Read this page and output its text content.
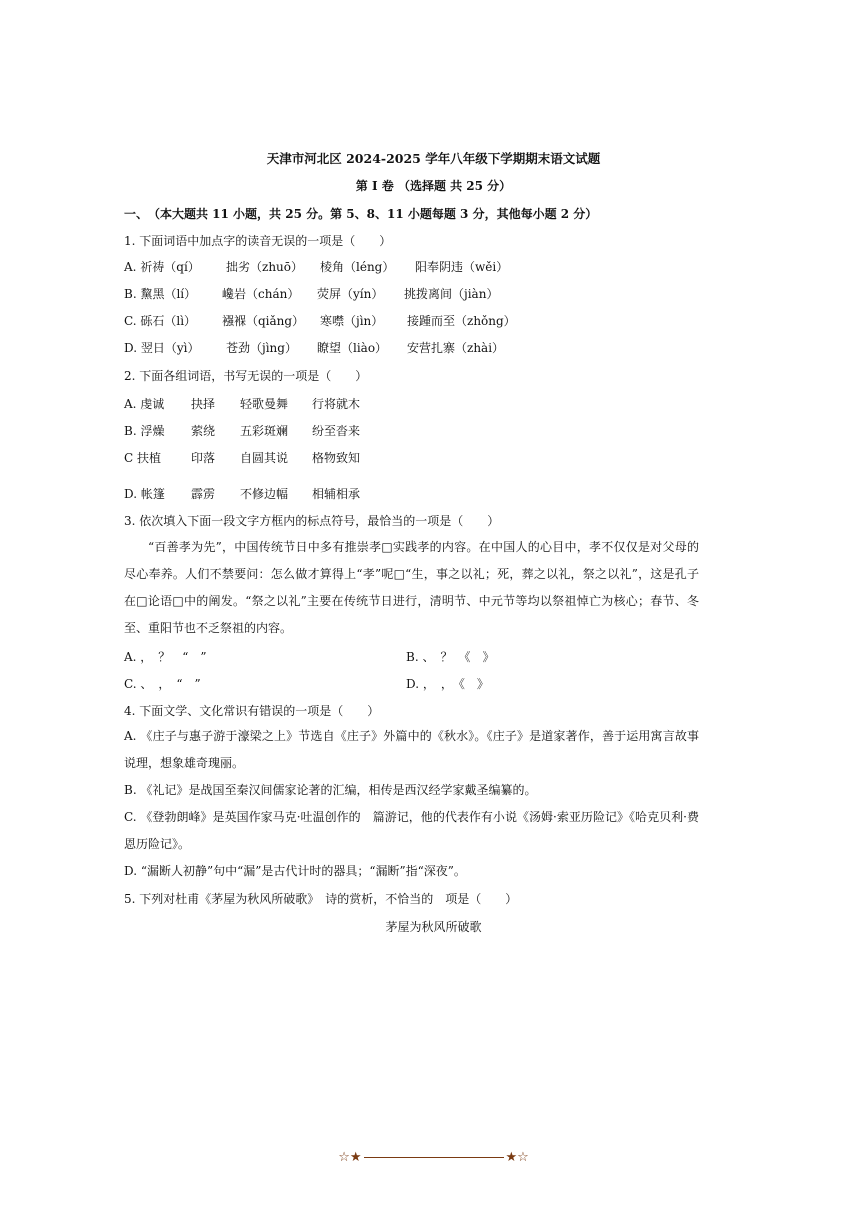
天津市河北区 2024-2025 学年八年级下学期期末语文试题
第 I 卷 （选择题 共 25 分）
一、　（本大题共 11 小题，共 25 分。第 5、8、11 小题每题 3 分，其他每小题 2 分）
1. 下面词语中加点字的读音无误的一项是（　　）
A. 祈祷（qí） 拙劣（zhuō） 棱角（léng） 阳奉阴违（wěi）
B. 黧黑（lí） 巉岩（chán） 荧屏（yín） 挑拨离间（jiàn）
C. 砾石（lì） 襁褓（qiǎng） 寒噤（jìn） 接踵而至（zhǒng）
D. 翌日（yì） 苍劲（jìng） 瞭望（liào） 安营扎寨（zhài）
2. 下面各组词语，书写无误的一项是（　　）
A. 虔诚 抉择 轻歌曼舞 行将就木
B. 浮燥 萦绕 五彩斑斓 纷至沓来
C 扶植	印落 自圆其说 格物致知
D. 帐篷 霹雳 不修边幅 相辅相承
3. 依次填入下面一段文字方框内的标点符号，最恰当的一项是（　　）
“百善孝为先”，中国传统节日中多有推崇孝□实践孝的内容。在中国人的心目中，孝不仅仅是对父母的尽心奉养。人们不禁要问：怎么做才算得上“孝”呢□“生，事之以礼；死，葬之以礼，祭之以礼”，这是孔子在□论语□中的阐发。“祭之以礼”主要在传统节日进行，清明节、中元节等均以祭祖悼亡为核心；春节、冬至、重阳节也不乏祭祖的内容。
A. ，　？　“　”	B. 、　？　《　》
C. 、　，　“　”	D. ，　，　《　》
4. 下面文学、文化常识有错误的一项是（　　）
A. 《庄子与惠子游于濠梁之上》节选自《庄子》外篇中的《秋水》。《庄子》是道家著作，善于运用寓言故事说理，想象雄奇瑰丽。
B. 《礼记》是战国至秦汉间儒家论著的汇编，相传是西汉经学家戴圣编纂的。
C. 《登勃朗峰》是英国作家马克·吐温创作的　篇游记，他的代表作有小说《汤姆·索亚历险记》《哈克贝利·费恩历险记》。
D. “漏断人初静”句中“漏”是古代计时的器具；“漏断”指“深夜”。
5. 下列对杜甫《茅屋为秋风所破歌》　诗的赏析，不恰当的　项是（　　）
茅屋为秋风所破歌
☆★	★☆
